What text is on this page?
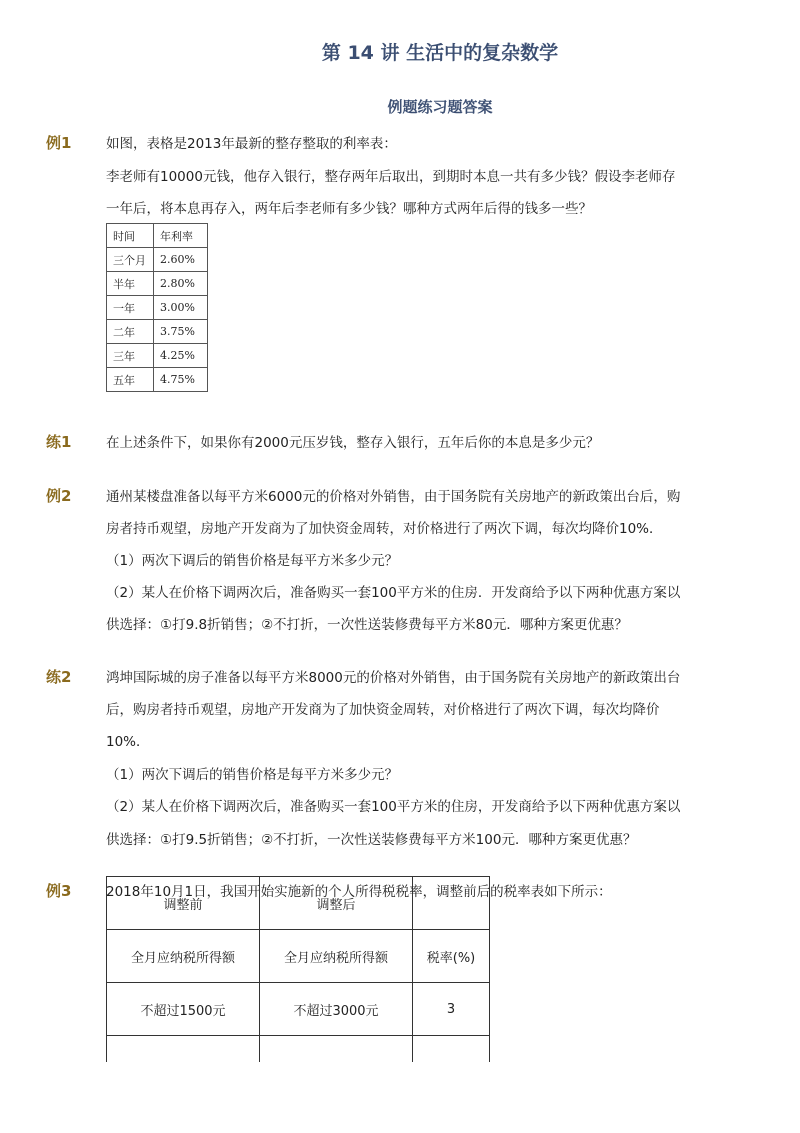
第 14 讲 生活中的复杂数学
例题练习题答案
例1	如图，表格是2013年最新的整存整取的利率表：
李老师有10000元钱，他存入银行，整存两年后取出，到期时本息一共有多少钱？假设李老师存
一年后，将本息再存入，两年后李老师有多少钱？哪种方式两年后得的钱多一些？
时间	年利率
三个月	2.60%
半年	2.80%
一年	3.00%
二年	3.75%
三年	4.25%
五年	4.75%
练1	在上述条件下，如果你有2000元压岁钱，整存入银行，五年后你的本息是多少元？
例2	通州某楼盘准备以每平方米6000元的价格对外销售，由于国务院有关房地产的新政策出台后，购
房者持币观望，房地产开发商为了加快资金周转，对价格进行了两次下调，每次均降价10%．
（1）两次下调后的销售价格是每平方米多少元？
（2）某人在价格下调两次后，准备购买一套100平方米的住房．开发商给予以下两种优惠方案以
供选择：①打9.8折销售；②不打折，一次性送装修费每平方米80元．哪种方案更优惠？
练2	鸿坤国际城的房子准备以每平方米8000元的价格对外销售，由于国务院有关房地产的新政策出台
后，购房者持币观望，房地产开发商为了加快资金周转，对价格进行了两次下调，每次均降价
10%．
（1）两次下调后的销售价格是每平方米多少元？
（2）某人在价格下调两次后，准备购买一套100平方米的住房，开发商给予以下两种优惠方案以
供选择：①打9.5折销售；②不打折，一次性送装修费每平方米100元．哪种方案更优惠？
例3	2018年10月1日，我国开始实施新的个人所得税税率，调整前后的税率表如下所示：
调整前	调整后	
全月应纳税所得额	全月应纳税所得额	税率(%)
不超过1500元	不超过3000元	3
